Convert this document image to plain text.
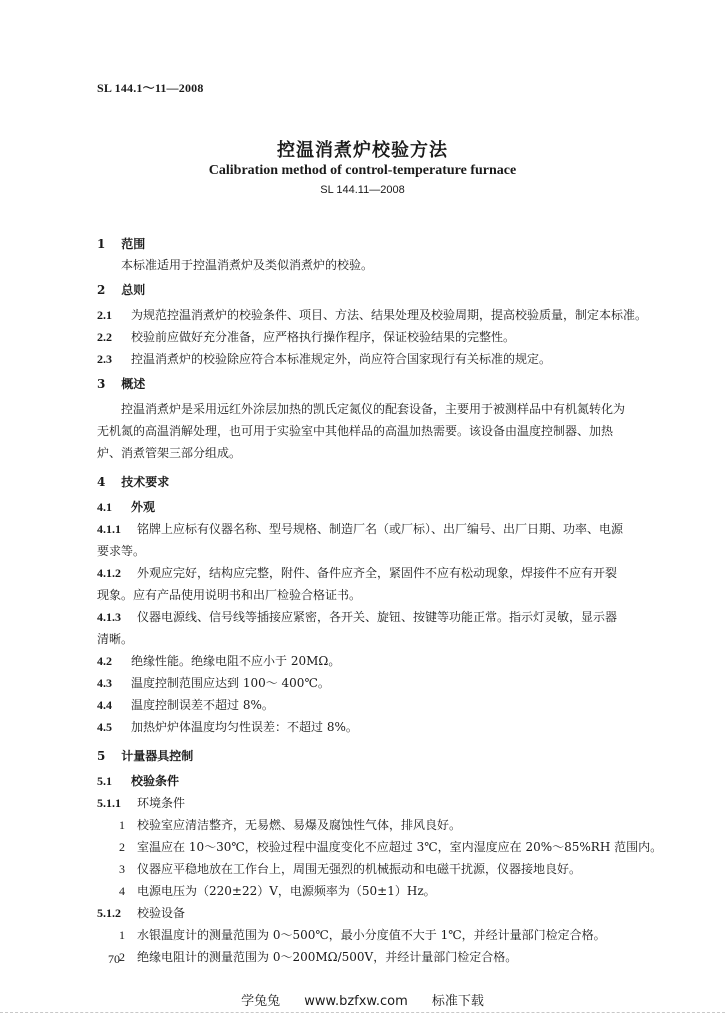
SL 144.1～11—2008
控温消煮炉校验方法
Calibration method of control-temperature furnace
SL 144.11—2008
1 范围

本标准适用于控温消煮炉及类似消煮炉的校验。

2 总则

2.1 为规范控温消煮炉的校验条件、项目、方法、结果处理及校验周期，提高校验质量，制定本标准。

2.2 校验前应做好充分准备，应严格执行操作程序，保证校验结果的完整性。

2.3 控温消煮炉的校验除应符合本标准规定外，尚应符合国家现行有关标准的规定。

3 概述

控温消煮炉是采用远红外涂层加热的凯氏定氮仪的配套设备，主要用于被测样品中有机氮转化为

无机氮的高温消解处理，也可用于实验室中其他样品的高温加热需要。该设备由温度控制器、加热

炉、消煮管架三部分组成。

4 技术要求

4.1 外观

4.1.1 铭牌上应标有仪器名称、型号规格、制造厂名（或厂标）、出厂编号、出厂日期、功率、电源

要求等。

4.1.2 外观应完好，结构应完整，附件、备件应齐全，紧固件不应有松动现象，焊接件不应有开裂

现象。应有产品使用说明书和出厂检验合格证书。

4.1.3 仪器电源线、信号线等插接应紧密，各开关、旋钮、按键等功能正常。指示灯灵敏，显示器

清晰。

4.2 绝缘性能。绝缘电阻不应小于 20MΩ。

4.3 温度控制范围应达到 100～ 400℃。

4.4 温度控制误差不超过 8%。

4.5 加热炉炉体温度均匀性误差：不超过 8%。

5 计量器具控制

5.1 校验条件

5.1.1 环境条件

1 校验室应清洁整齐，无易燃、易爆及腐蚀性气体，排风良好。

2 室温应在 10～30℃，校验过程中温度变化不应超过 3℃，室内湿度应在 20%～85%RH 范围内。

3 仪器应平稳地放在工作台上，周围无强烈的机械振动和电磁干扰源，仪器接地良好。

4 电源电压为（220±22）V，电源频率为（50±1）Hz。

5.1.2 校验设备

1 水银温度计的测量范围为 0～500℃，最小分度值不大于 1℃，并经计量部门检定合格。

2 绝缘电阻计的测量范围为 0～200MΩ/500V，并经计量部门检定合格。

70
学兔兔 www.bzfxw.com 标准下载
